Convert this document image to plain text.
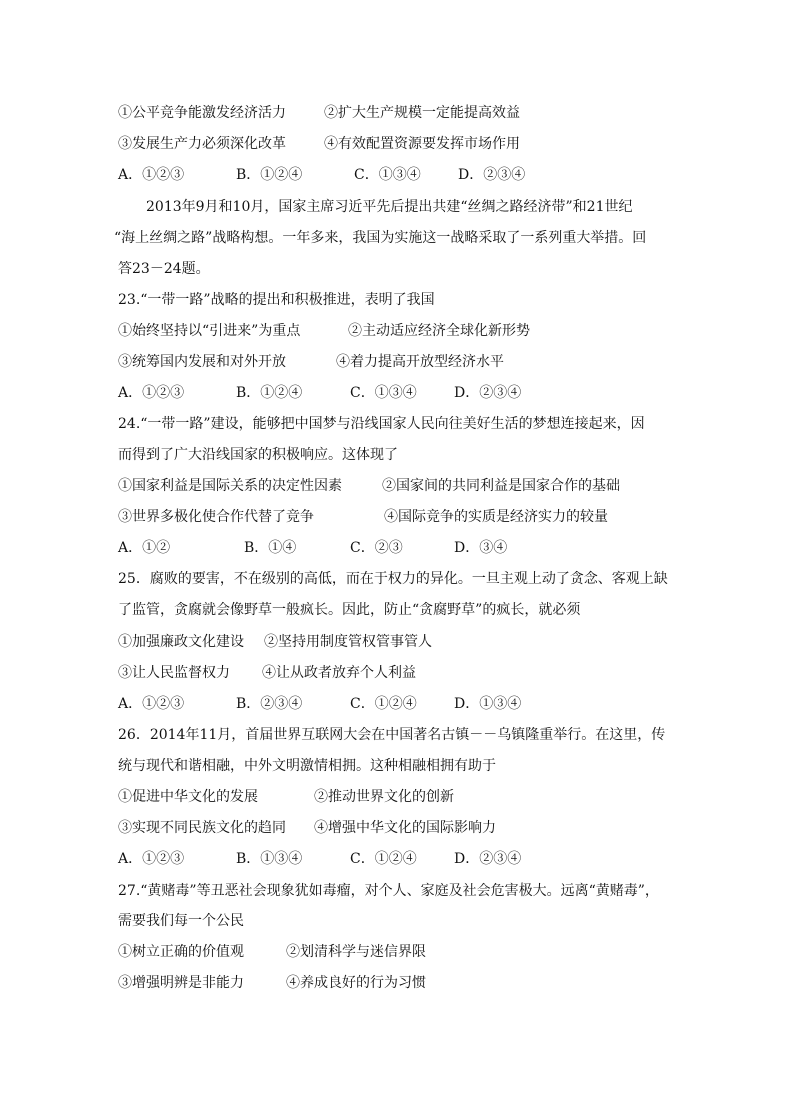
①公平竞争能激发经济活力	②扩大生产规模一定能提高效益
③发展生产力必须深化改革	④有效配置资源要发挥市场作用
A．①②③	B．①②④	C．①③④	D．②③④
2013年9月和10月，国家主席习近平先后提出共建“丝绸之路经济带”和21世纪
“海上丝绸之路”战略构想。一年多来，我国为实施这一战略采取了一系列重大举措。回
答23－24题。
23.“一带一路”战略的提出和积极推进，表明了我国
①始终坚持以“引进来”为重点	②主动适应经济全球化新形势
③统筹国内发展和对外开放	④着力提高开放型经济水平
A．①②③	B．①②④	C．①③④	D．②③④
24.“一带一路”建设，能够把中国梦与沿线国家人民向往美好生活的梦想连接起来，因
而得到了广大沿线国家的积极响应。这体现了
①国家利益是国际关系的决定性因素	②国家间的共同利益是国家合作的基础
③世界多极化使合作代替了竞争	④国际竞争的实质是经济实力的较量
A．①②	B．①④	C．②③	D．③④
25．腐败的要害，不在级别的高低，而在于权力的异化。一旦主观上动了贪念、客观上缺
了监管，贪腐就会像野草一般疯长。因此，防止“贪腐野草”的疯长，就必须
①加强廉政文化建设 ②坚持用制度管权管事管人
③让人民监督权力 ④让从政者放弃个人利益
A．①②③	B．②③④	C．①②④	D．①③④
26．2014年11月，首届世界互联网大会在中国著名古镇－－乌镇隆重举行。在这里，传
统与现代和谐相融，中外文明激情相拥。这种相融相拥有助于
①促进中华文化的发展	②推动世界文化的创新
③实现不同民族文化的趋同 ④增强中华文化的国际影响力
A．①②③	B．①③④	C．①②④	D．②③④
27.“黄赌毒”等丑恶社会现象犹如毒瘤，对个人、家庭及社会危害极大。远离“黄赌毒”，
需要我们每一个公民
①树立正确的价值观	②划清科学与迷信界限
③增强明辨是非能力	④养成良好的行为习惯
